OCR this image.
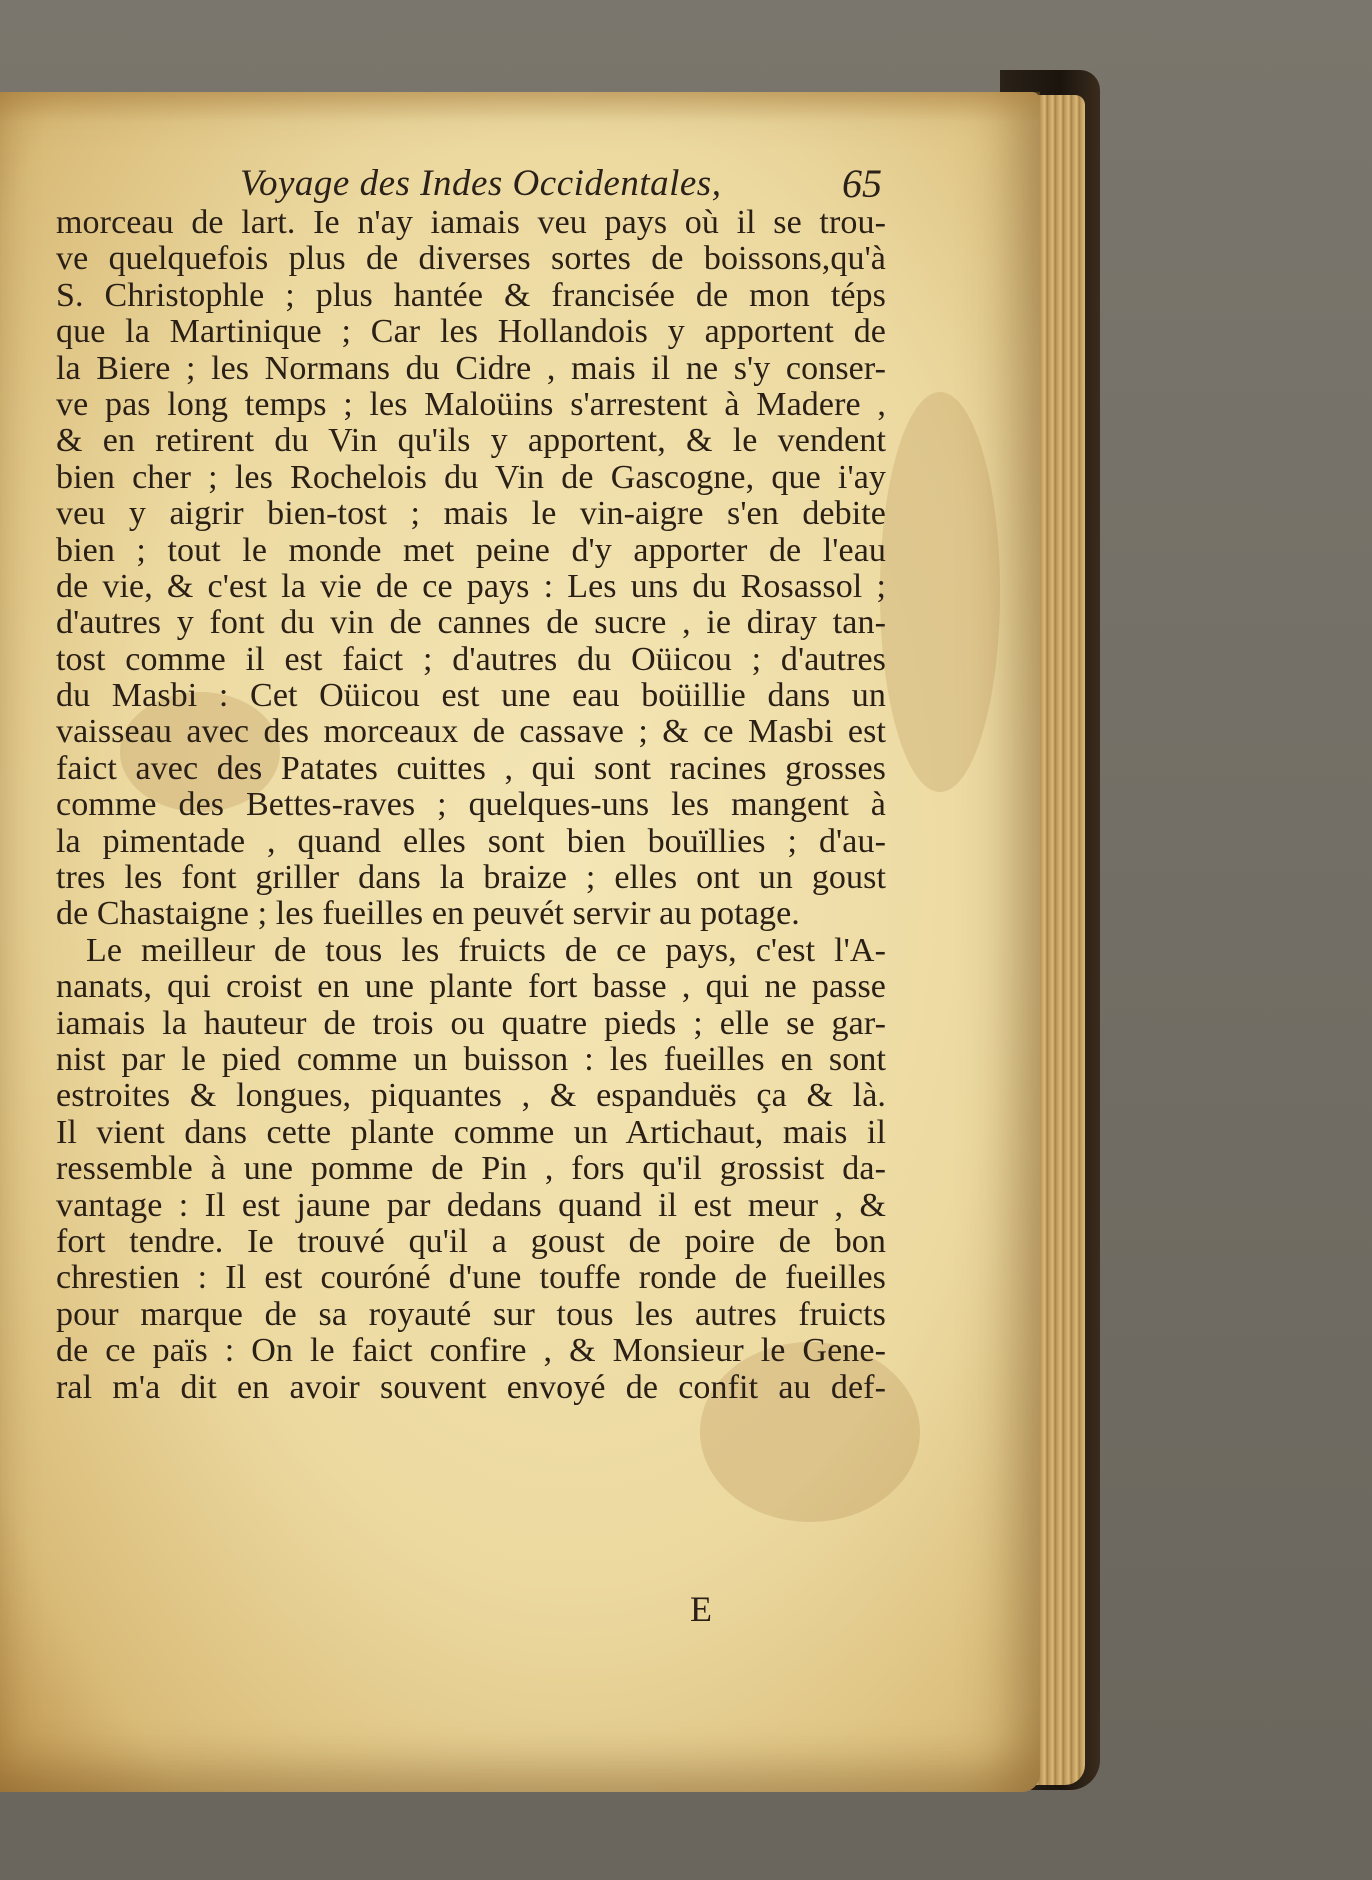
Voyage des Indes Occidentales,	65
morceau de lart. Ie n'ay iamais veu pays où il se trou-
ve quelquefois plus de diverses sortes de boissons,qu'à
S. Christophle ; plus hantée & francisée de mon téps
que la Martinique ; Car les Hollandois y apportent de
la Biere ; les Normans du Cidre , mais il ne s'y conser-
ve pas long temps ; les Maloüins s'arrestent à Madere ,
& en retirent du Vin qu'ils y apportent, & le vendent
bien cher ; les Rochelois du Vin de Gascogne, que i'ay
veu y aigrir bien-tost ; mais le vin-aigre s'en debite
bien ; tout le monde met peine d'y apporter de l'eau
de vie, & c'est la vie de ce pays : Les uns du Rosassol ;
d'autres y font du vin de cannes de sucre , ie diray tan-
tost comme il est faict ; d'autres du Oüicou ; d'autres
du Masbi : Cet Oüicou est une eau boüillie dans un
vaisseau avec des morceaux de cassave ; & ce Masbi est
faict avec des Patates cuittes , qui sont racines grosses
comme des Bettes-raves ; quelques-uns les mangent à
la pimentade , quand elles sont bien bouïllies ; d'au-
tres les font griller dans la braize ; elles ont un goust
de Chastaigne ; les fueilles en peuvét servir au potage.
Le meilleur de tous les fruicts de ce pays, c'est l'A-
nanats, qui croist en une plante fort basse , qui ne passe
iamais la hauteur de trois ou quatre pieds ; elle se gar-
nist par le pied comme un buisson : les fueilles en sont
estroites & longues, piquantes , & espanduës ça & là.
Il vient dans cette plante comme un Artichaut, mais il
ressemble à une pomme de Pin , fors qu'il grossist da-
vantage : Il est jaune par dedans quand il est meur , &
fort tendre. Ie trouvé qu'il a goust de poire de bon
chrestien : Il est couróné d'une touffe ronde de fueilles
pour marque de sa royauté sur tous les autres fruicts
de ce païs : On le faict confire , & Monsieur le Gene-
ral m'a dit en avoir souvent envoyé de confit au def-
E
